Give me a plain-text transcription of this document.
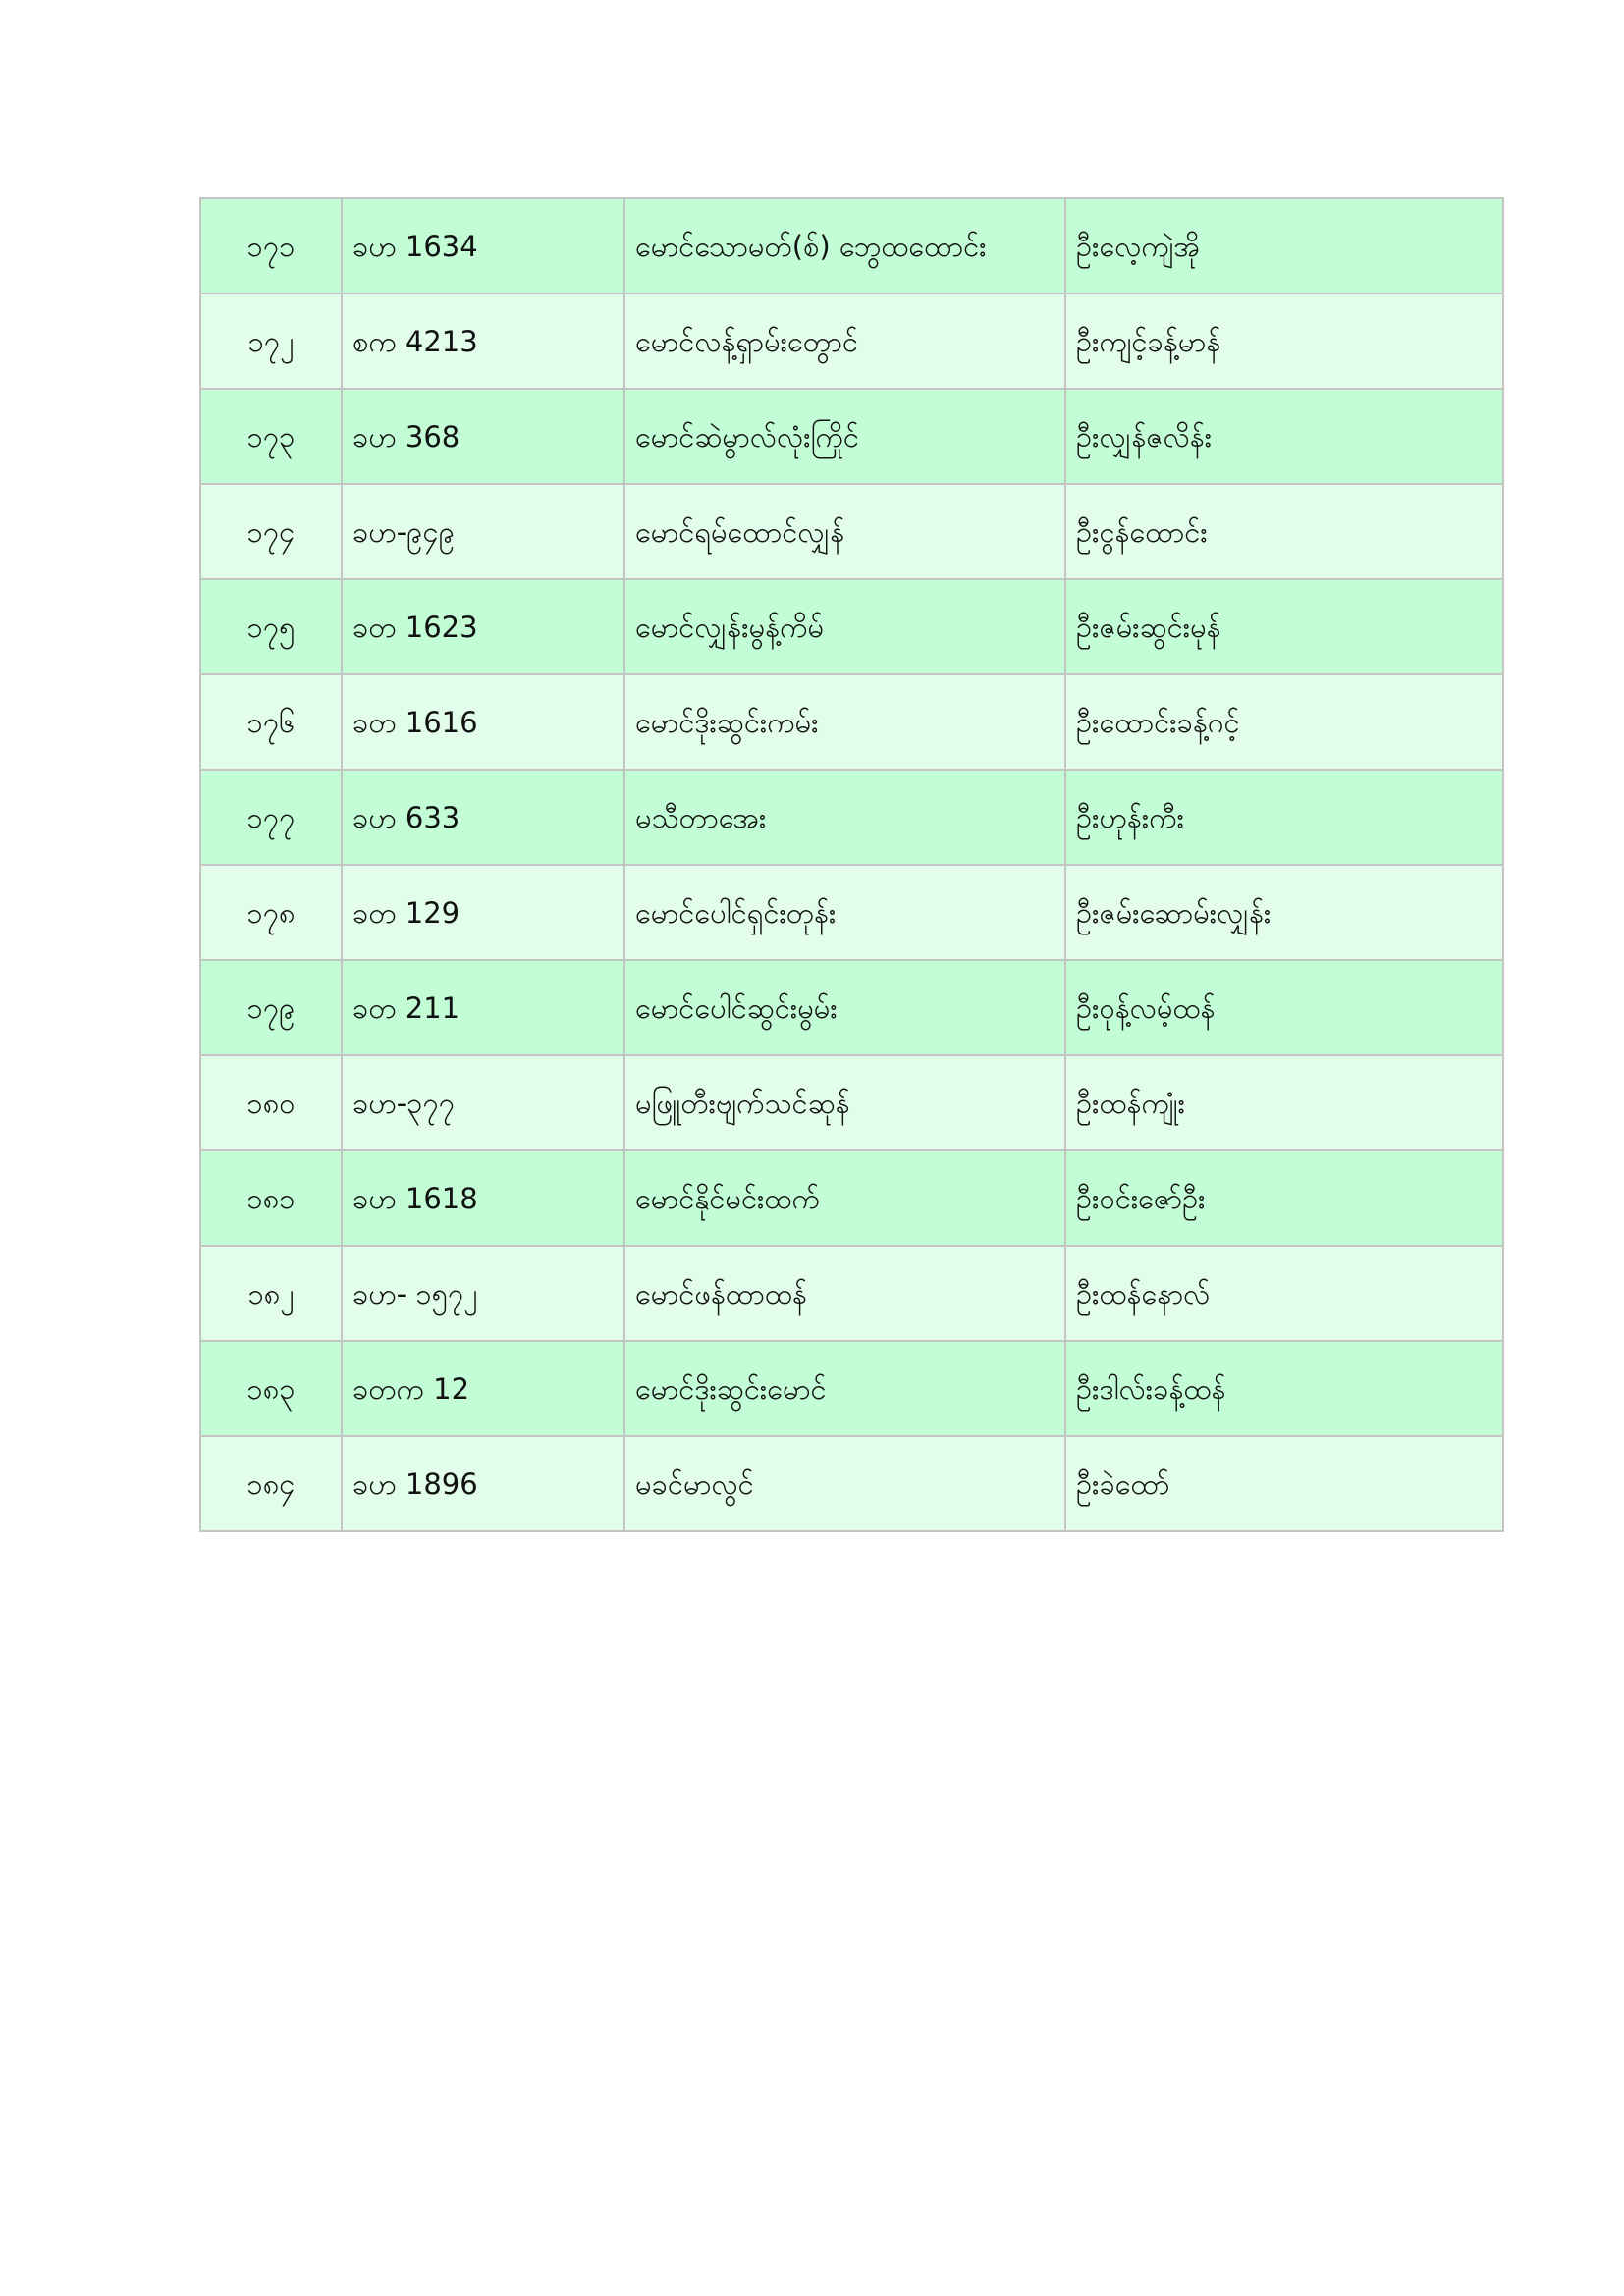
၁၇၁	ခဟ 1634	မောင်သောမတ်(စ်) ဘွေထထောင်း	ဦးလေ့ကျဲအို
၁၇၂	စက 4213	မောင်လန့်ရှာမ်းတွောင်	ဦးကျင့်ခန့်မာန်
၁၇၃	ခဟ 368	မောင်ဆဲမွာလ်လုံးကြိုင်	ဦးလျှန်ဇလိန်း
၁၇၄	ခဟ-၉၄၉	မောင်ရမ်ထောင်လျှန်	ဦးငွန်ထောင်း
၁၇၅	ခတ 1623	မောင်လျှန်းမွန့်ကိမ်	ဦးဇမ်းဆွင်းမုန်
၁၇၆	ခတ 1616	မောင်ဒိုးဆွင်းကမ်း	ဦးထောင်းခန့်ဂင့်
၁၇၇	ခဟ 633	မသီတာအေး	ဦးဟုန်းကီး
၁၇၈	ခတ 129	မောင်ပေါင်ရှင်းတုန်း	ဦးဇမ်းဆောမ်းလျှန်း
၁၇၉	ခတ 211	မောင်ပေါင်ဆွင်းမွမ်း	ဦးဝုန့်လမ့်ထန်
၁၈၀	ခဟ-၃၇၇	မဖြူတီးဗျက်သင်ဆုန်	ဦးထန်ကျုံး
၁၈၁	ခဟ 1618	မောင်နိုင်မင်းထက်	ဦးဝင်းဇော်ဦး
၁၈၂	ခဟ- ၁၅၇၂	မောင်ဖန်ထာထန်	ဦးထန်နောလ်
၁၈၃	ခတက 12	မောင်ဒိုးဆွင်းမောင်	ဦးဒါလ်းခန့်ထန်
၁၈၄	ခဟ 1896	မခင်မာလွင်	ဦးခဲထော်
